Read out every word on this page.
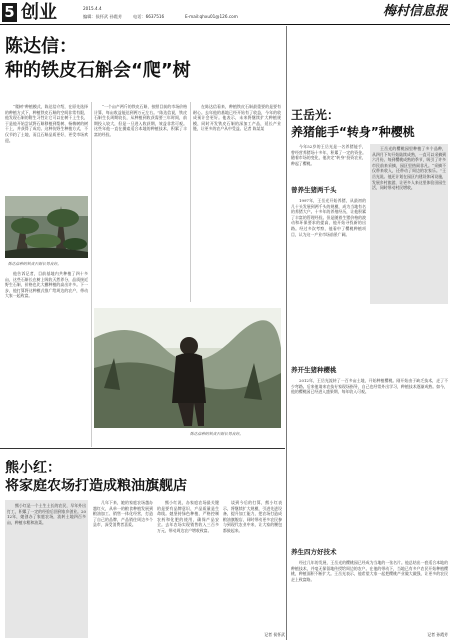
5 创业	2015.4.4
编辑：侯怀武 孙霞芳	电话：6637516	E-mail:qhxu01@126.com	梅村信息报
陈达信：
种的铁皮石斛会“爬”树
“爬树”种植模式，陈达信介绍，在原先选择的种植方式下，种植铁皮石斛的空间非常有限，他发现石斛的附生习性让它可以在树干上生长，于是他开始尝试将石斛移植到梨树、杨梅树的树干上，并获得了成功。这种仿野生种植方式，不仅节约了土地，而且石斛品质更好，更受市场欢迎。
陈达信种的铁皮石斛长势良好。
他告诉记者，目前基地内共种植了四十多亩，这些石斛长在树上吸收天然养分，品质接近野生石斛，价格也比大棚种植的高出许多。下一步，他打算将这种模式推广给周边的农户，带动大家一起致富。
“一个亩产两斤的铁皮石斛，按照目前的市场价格计算，每亩收益能达到两万元左右。”陈达信说，铁皮石斛生长周期较长，从种植到收获需要三年时间，前期投入较大，但是一旦进入收获期，效益非常可观。这些年他一直在摸索适合本地的种植技术，积累了丰富的经验。
在陈达信看来，种植铁皮石斛最重要的是要有耐心。去年他的基地已经开始有了收益，今年的收成预计会更好。他表示，未来将继续扩大种植规模，同时开发铁皮石斛的深加工产品，延长产业链，让更多的农户从中受益。记者 陈某某
陈达信种的铁皮石斛长势良好。
熊小红：
将家庭农场打造成粮油旗舰店
熊小红是一个土生土长的农民，早年外出打工，积累了一定的经验后回到家乡创业。2012年，她创办了家庭农场，流转土地四百多亩，种植水稻和油菜。
几年下来，她的家庭农场越办越红火，从单一的粮食种植发展到粮油加工、销售一体化经营，打造了自己的品牌，产品销往周边多个县市，深受消费者喜爱。
熊小红说，办家庭农场最关键的是要有品牌意识，产品质量是生命线。她坚持绿色种植，严格控制农药和化肥的使用，确保产品安全。去年农场实现销售收入三百多万元，带动周边农户增收致富。
谈到今后的打算，熊小红表示，将继续扩大规模，引进先进设备，提升加工能力，把农场打造成粮油旗舰店，同时带动更多农民参与到现代农业中来，让大家的腰包都鼓起来。
记者 侯怀武
王岳光：
养猪能手“转身”种樱桃
今年52岁的王岳光是一名养猪能手，曾经营养猪场十多年，积累了一定的资金。随着市场的变化，他决定“转身”投资农业，种起了樱桃。
王岳光的樱桃园里种植了多个品种，从四月下旬开始陆续成熟，一直可以采摘到六月份。每到樱桃成熟的季节，吸引了许多市民前来采摘，园区里热闹非凡。“采摘不仅带来收入，还带动了周边的农家乐。”王岳光说。他还计划在园区内建设休闲设施，发展乡村旅游，让更多人来这里体验田园生活，同时带动村民增收。
曾养生猪两千头
1997年，王岳光开始养猪，从最初的几十头发展到两千头的规模，成为当地有名的养猪大户。十多年的养殖经历，让他积累了丰富的管理经验。但是随着生猪价格的波动和环保要求的提高，他开始寻找新的出路。经过多次考察，他看中了樱桃种植项目，认为这一产业市场前景广阔。
养开生猪种樱桃
2012年，王岳光流转了一百多亩土地，开始种植樱桃。刚开始由于缺乏技术，走了不少弯路。后来他请来农技专家现场指导，自己也经常外出学习，种植技术逐渐成熟。如今，他的樱桃园已经进入盛果期，每年收入可观。
养生四方好技术
经过几年的发展，王岳光的樱桃园已经成为当地的一张名片。他总结出一套适合本地的种植技术，并毫无保留地传授给周边的农户。在他的带动下，当地已有多户农民开始种植樱桃，种植面积不断扩大。王岳光表示，他希望大家一起把樱桃产业做大做强，让更多的农民走上致富路。
记者 孙霞芳
